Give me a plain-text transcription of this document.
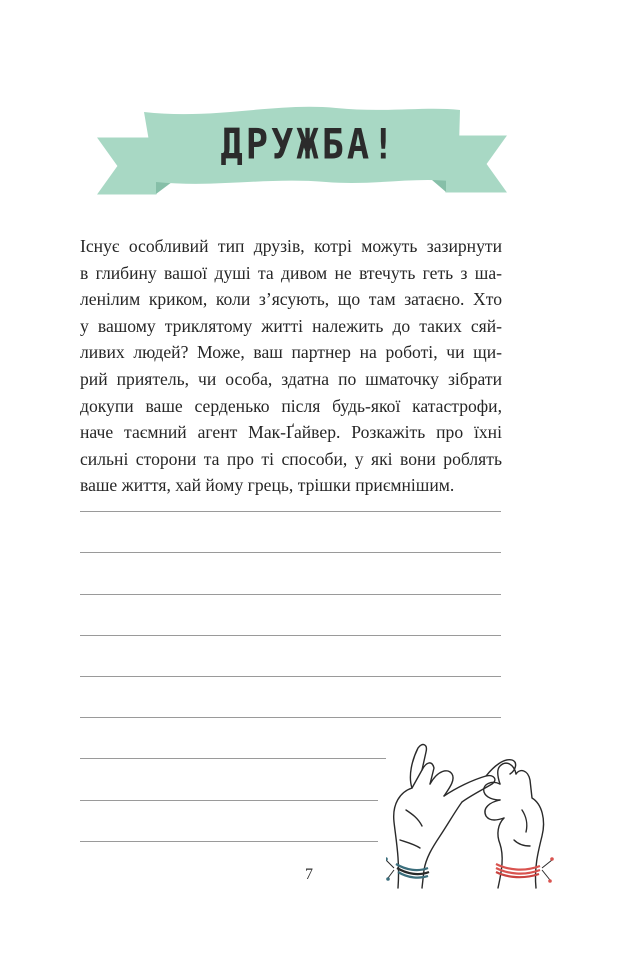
ДРУЖБА!
Існує особливий тип друзів, котрі можуть зазирнути
в глибину вашої душі та дивом не втечуть геть з ша-
ленілим криком, коли з’ясують, що там затаєно. Хто
у вашому триклятому житті належить до таких сяй-
ливих людей? Може, ваш партнер на роботі, чи щи-
рий приятель, чи особа, здатна по шматочку зібрати
докупи ваше серденько після будь-якої катастрофи,
наче таємний агент Мак-Ґайвер. Розкажіть про їхні
сильні сторони та про ті способи, у які вони роблять
ваше життя, хай йому грець, трішки приємнішим.
7
